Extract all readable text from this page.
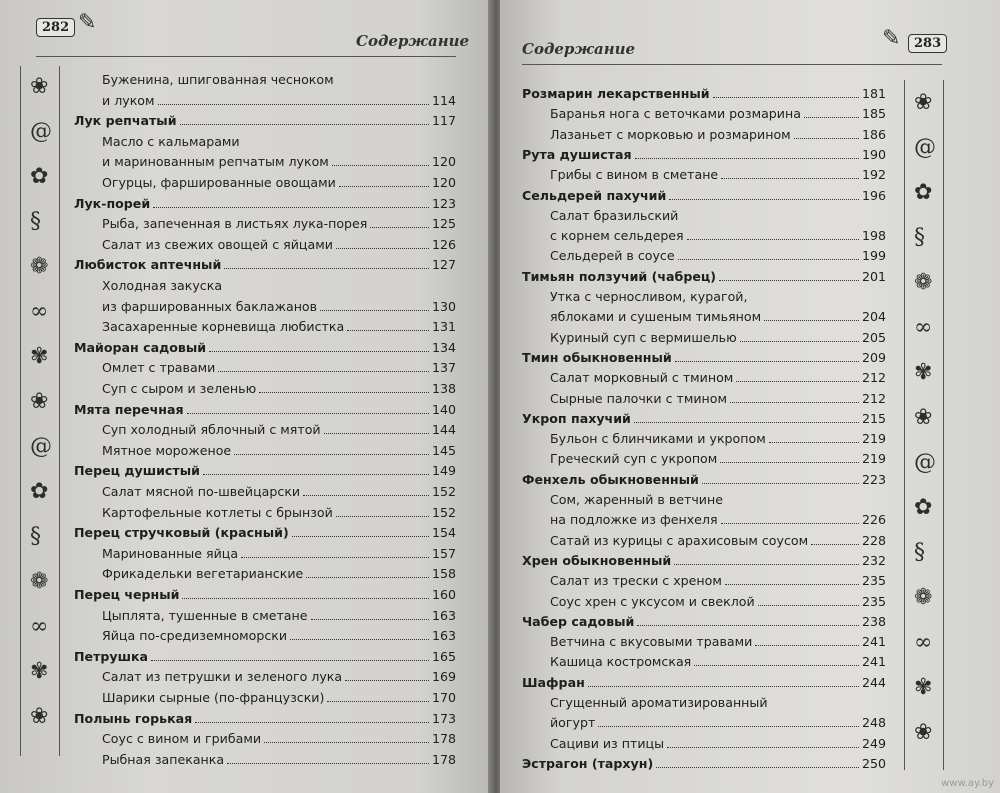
282 ✎
Содержание
❀
@
✿
§
❁
∞
✾
❀
@
✿
§
❁
∞
✾
❀
Буженина, шпигованная чесноком
и луком	114
Лук репчатый	117
Масло с кальмарами
и маринованным репчатым луком	120
Огурцы, фаршированные овощами	120
Лук-порей	123
Рыба, запеченная в листьях лука-порея	125
Салат из свежих овощей с яйцами	126
Любисток аптечный	127
Холодная закуска
из фаршированных баклажанов	130
Засахаренные корневища любистка	131
Майоран садовый	134
Омлет с травами	137
Суп с сыром и зеленью	138
Мята перечная	140
Суп холодный яблочный с мятой	144
Мятное мороженое	145
Перец душистый	149
Салат мясной по-швейцарски	152
Картофельные котлеты с брынзой	152
Перец стручковый (красный)	154
Маринованные яйца	157
Фрикадельки вегетарианские	158
Перец черный	160
Цыплята, тушенные в сметане	163
Яйца по-средиземноморски	163
Петрушка	165
Салат из петрушки и зеленого лука	169
Шарики сырные (по-французски)	170
Полынь горькая	173
Соус с вином и грибами	178
Рыбная запеканка	178
Содержание	✎	283
❀
@
✿
§
❁
∞
✾
❀
@
✿
§
❁
∞
✾
❀
Розмарин лекарственный	181
Баранья нога с веточками розмарина	185
Лазаньет с морковью и розмарином	186
Рута душистая	190
Грибы с вином в сметане	192
Сельдерей пахучий	196
Салат бразильский
с корнем сельдерея	198
Сельдерей в соусе	199
Тимьян ползучий (чабрец)	201
Утка с черносливом, курагой,
яблоками и сушеным тимьяном	204
Куриный суп с вермишелью	205
Тмин обыкновенный	209
Салат морковный с тмином	212
Сырные палочки с тмином	212
Укроп пахучий	215
Бульон с блинчиками и укропом	219
Греческий суп с укропом	219
Фенхель обыкновенный	223
Сом, жаренный в ветчине
на подложке из фенхеля	226
Сатай из курицы с арахисовым соусом	228
Хрен обыкновенный	232
Салат из трески с хреном	235
Соус хрен с уксусом и свеклой	235
Чабер садовый	238
Ветчина с вкусовыми травами	241
Кашица костромская	241
Шафран	244
Сгущенный ароматизированный
йогурт	248
Сациви из птицы	249
Эстрагон (тархун)	250
www.ay.by
